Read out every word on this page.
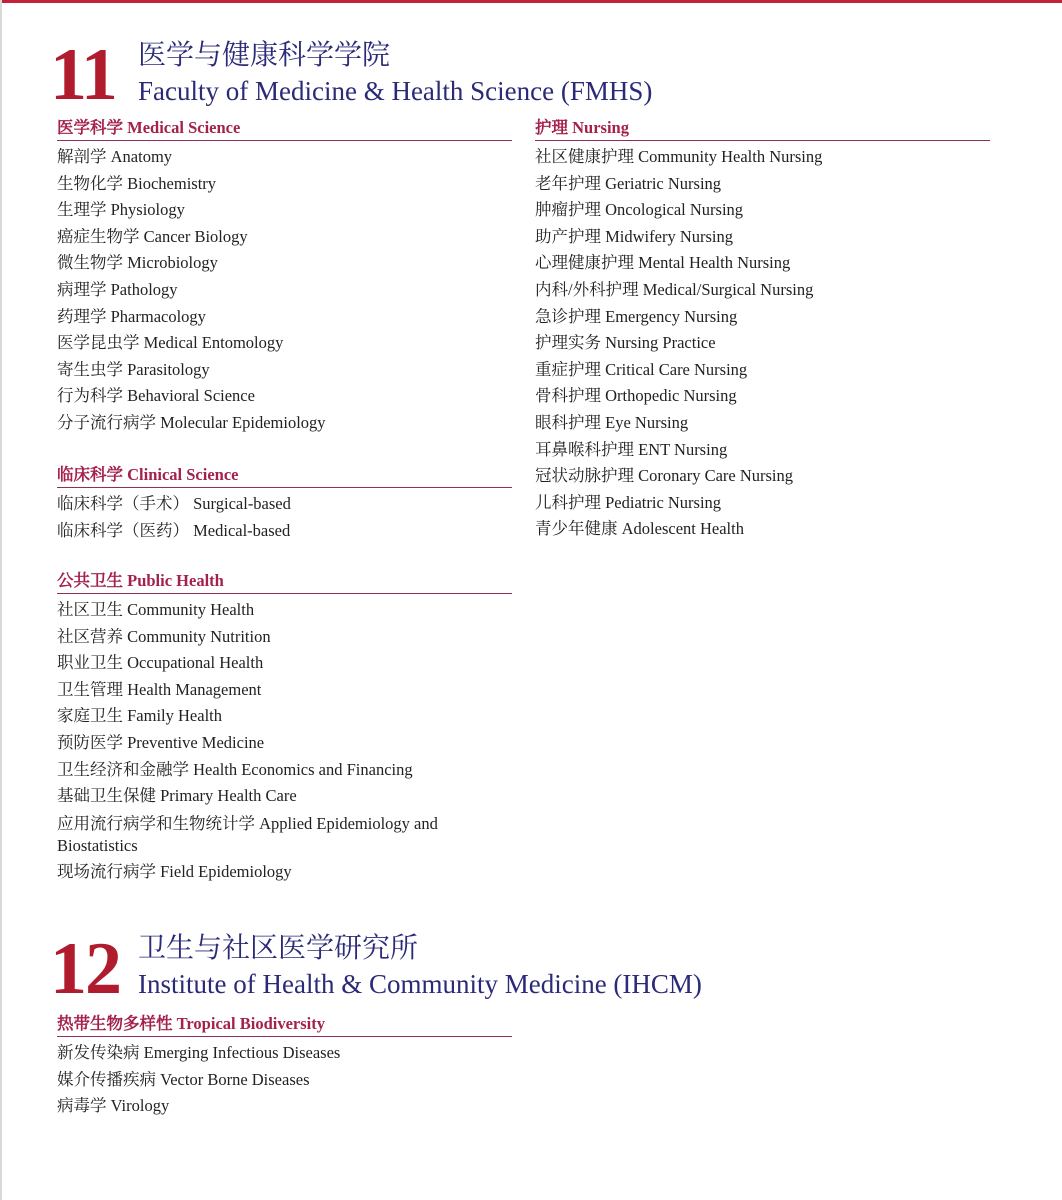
11 医学与健康科学学院
Faculty of Medicine & Health Science (FMHS)
医学科学 Medical Science
解剖学 Anatomy
生物化学 Biochemistry
生理学 Physiology
癌症生物学 Cancer Biology
微生物学 Microbiology
病理学 Pathology
药理学 Pharmacology
医学昆虫学 Medical Entomology
寄生虫学 Parasitology
行为科学 Behavioral Science
分子流行病学 Molecular Epidemiology
临床科学 Clinical Science
临床科学（手术） Surgical-based
临床科学（医药） Medical-based
公共卫生 Public Health
社区卫生 Community Health
社区营养 Community Nutrition
职业卫生 Occupational Health
卫生管理 Health Management
家庭卫生 Family Health
预防医学 Preventive Medicine
卫生经济和金融学 Health Economics and Financing
基础卫生保健 Primary Health Care
应用流行病学和生物统计学 Applied Epidemiology and Biostatistics
现场流行病学 Field Epidemiology
护理 Nursing
社区健康护理 Community Health Nursing
老年护理 Geriatric Nursing
肿瘤护理 Oncological Nursing
助产护理 Midwifery Nursing
心理健康护理 Mental Health Nursing
内科/外科护理 Medical/Surgical Nursing
急诊护理 Emergency Nursing
护理实务 Nursing Practice
重症护理 Critical Care Nursing
骨科护理 Orthopedic Nursing
眼科护理 Eye Nursing
耳鼻喉科护理 ENT Nursing
冠状动脉护理 Coronary Care Nursing
儿科护理 Pediatric Nursing
青少年健康 Adolescent Health
12 卫生与社区医学研究所
Institute of Health & Community Medicine (IHCM)
热带生物多样性 Tropical Biodiversity
新发传染病 Emerging Infectious Diseases
媒介传播疾病 Vector Borne Diseases
病毒学 Virology
